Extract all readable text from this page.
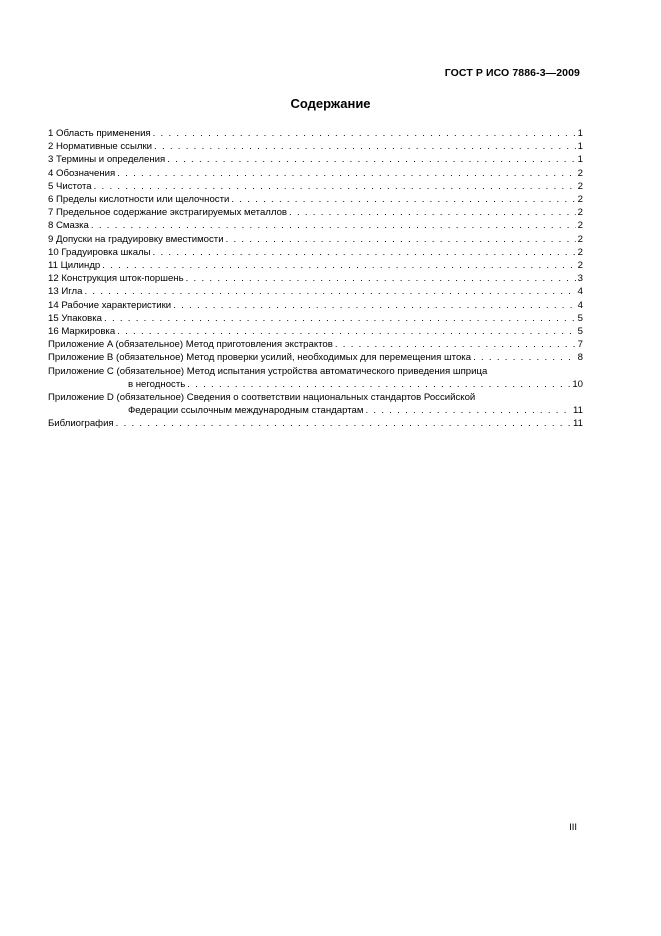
ГОСТ Р ИСО 7886-3—2009
Содержание
1 Область применения . . .	1
2 Нормативные ссылки . . .	1
3 Термины и определения . . .	1
4 Обозначения . . .	2
5 Чистота . . .	2
6 Пределы кислотности или щелочности . . .	2
7 Предельное содержание экстрагируемых металлов . . .	2
8 Смазка . . .	2
9 Допуски на градуировку вместимости . . .	2
10 Градуировка шкалы . . .	2
11 Цилиндр . . .	2
12 Конструкция шток-поршень . . .	3
13 Игла . . .	4
14 Рабочие характеристики . . .	4
15 Упаковка . . .	5
16 Маркировка . . .	5
Приложение A (обязательное) Метод приготовления экстрактов . . .	7
Приложение B (обязательное) Метод проверки усилий, необходимых для перемещения штока . . .	8
Приложение C (обязательное) Метод испытания устройства автоматического приведения шприца
в негодность . . .	10
Приложение D (обязательное) Сведения о соответствии национальных стандартов Российской
Федерации ссылочным международным стандартам . . .	11
Библиография . . .	11
III
